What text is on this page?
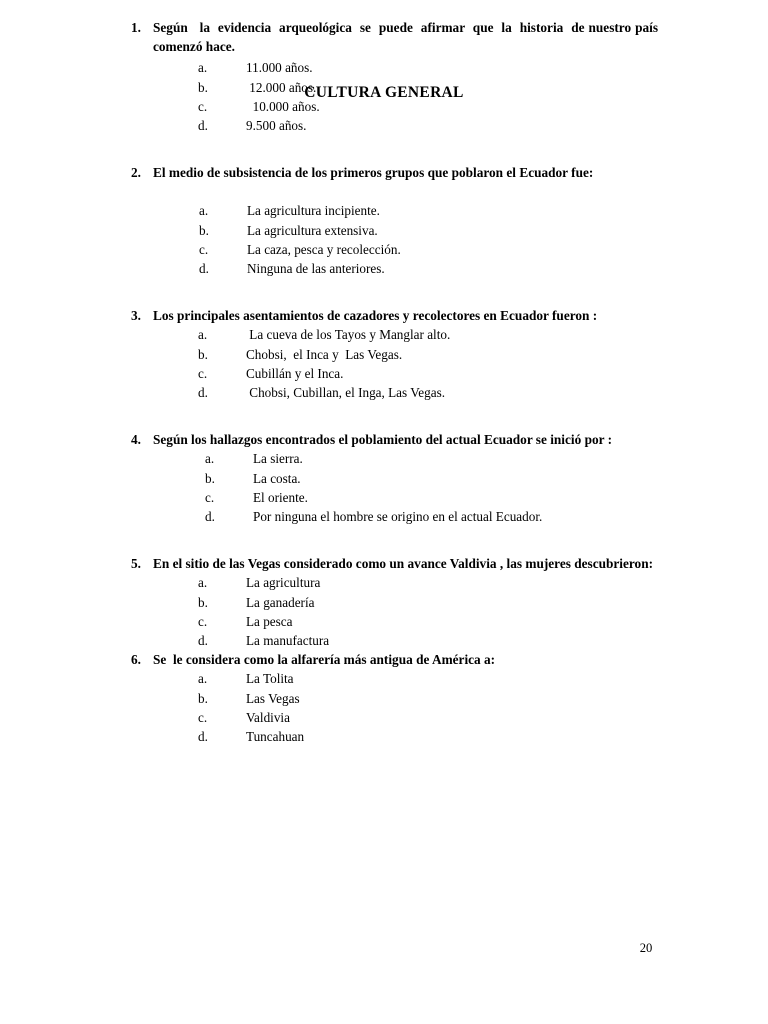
CULTURA GENERAL

1. Según   la  evidencia  arqueológica  se  puede  afirmar  que  la  historia  de nuestro país comenzó hace.

a.	11.000 años.
b.	12.000 años.
c.	10.000 años.
d.	9.500 años.

2. El medio de subsistencia de los primeros grupos que poblaron el Ecuador fue:

a.	La agricultura incipiente.
b.	La agricultura extensiva.
c.	La caza, pesca y recolección.
d.	Ninguna de las anteriores.

3. Los principales asentamientos de cazadores y recolectores en Ecuador fueron :

a.	La cueva de los Tayos y Manglar alto.
b.	Chobsi,  el Inca y  Las Vegas.
c.	Cubillán y el Inca.
d.	Chobsi, Cubillan, el Inga, Las Vegas.

4. Según los hallazgos encontrados el poblamiento del actual Ecuador se inició por :

a.	La sierra.
b.	La costa.
c.	El oriente.
d.	Por ninguna el hombre se origino en el actual Ecuador.

5. En el sitio de las Vegas considerado como un avance Valdivia , las mujeres descubrieron:

a.	La agricultura
b.	La ganadería
c.	La pesca
d.	La manufactura

6. Se  le considera como la alfarería más antigua de América a:

a.	La Tolita
b.	Las Vegas
c.	Valdivia
d.	Tuncahuan
20
